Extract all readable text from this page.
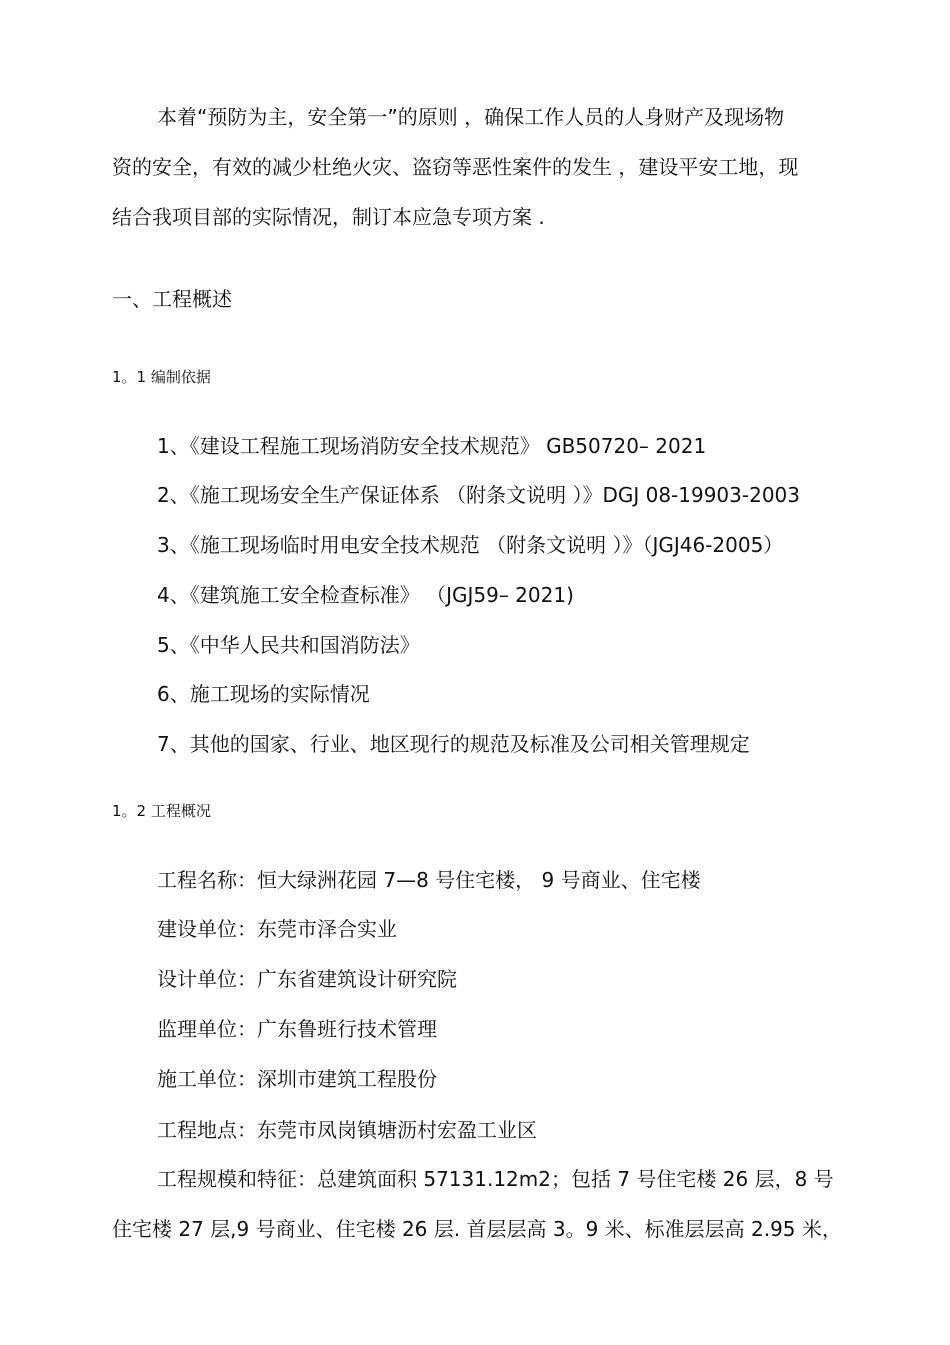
本着“预防为主，安全第一”的原则 ，确保工作人员的人身财产及现场物
资的安全，有效的减少杜绝火灾、盗窃等恶性案件的发生 ，建设平安工地，现
结合我项目部的实际情况，制订本应急专项方案 .
一、工程概述
1。1 编制依据
1、《建设工程施工现场消防安全技术规范》 GB50720– 2021
2、《施工现场安全生产保证体系 （附条文说明 ）》DGJ 08-19903-2003
3、《施工现场临时用电安全技术规范 （附条文说明 ）》（JGJ46-2005）
4、《建筑施工安全检查标准》 （JGJ59– 2021)
5、《中华人民共和国消防法》
6、施工现场的实际情况
7、其他的国家、行业、地区现行的规范及标准及公司相关管理规定
1。2 工程概况
工程名称：恒大绿洲花园 7—8 号住宅楼， 9 号商业、住宅楼
建设单位：东莞市泽合实业
设计单位：广东省建筑设计研究院
监理单位：广东鲁班行技术管理
施工单位：深圳市建筑工程股份
工程地点：东莞市凤岗镇塘沥村宏盈工业区
工程规模和特征：总建筑面积 57131.12m2；包括 7 号住宅楼 26 层，8 号
住宅楼 27 层,9 号商业、住宅楼 26 层. 首层层高 3。9 米、标准层层高 2.95 米，
